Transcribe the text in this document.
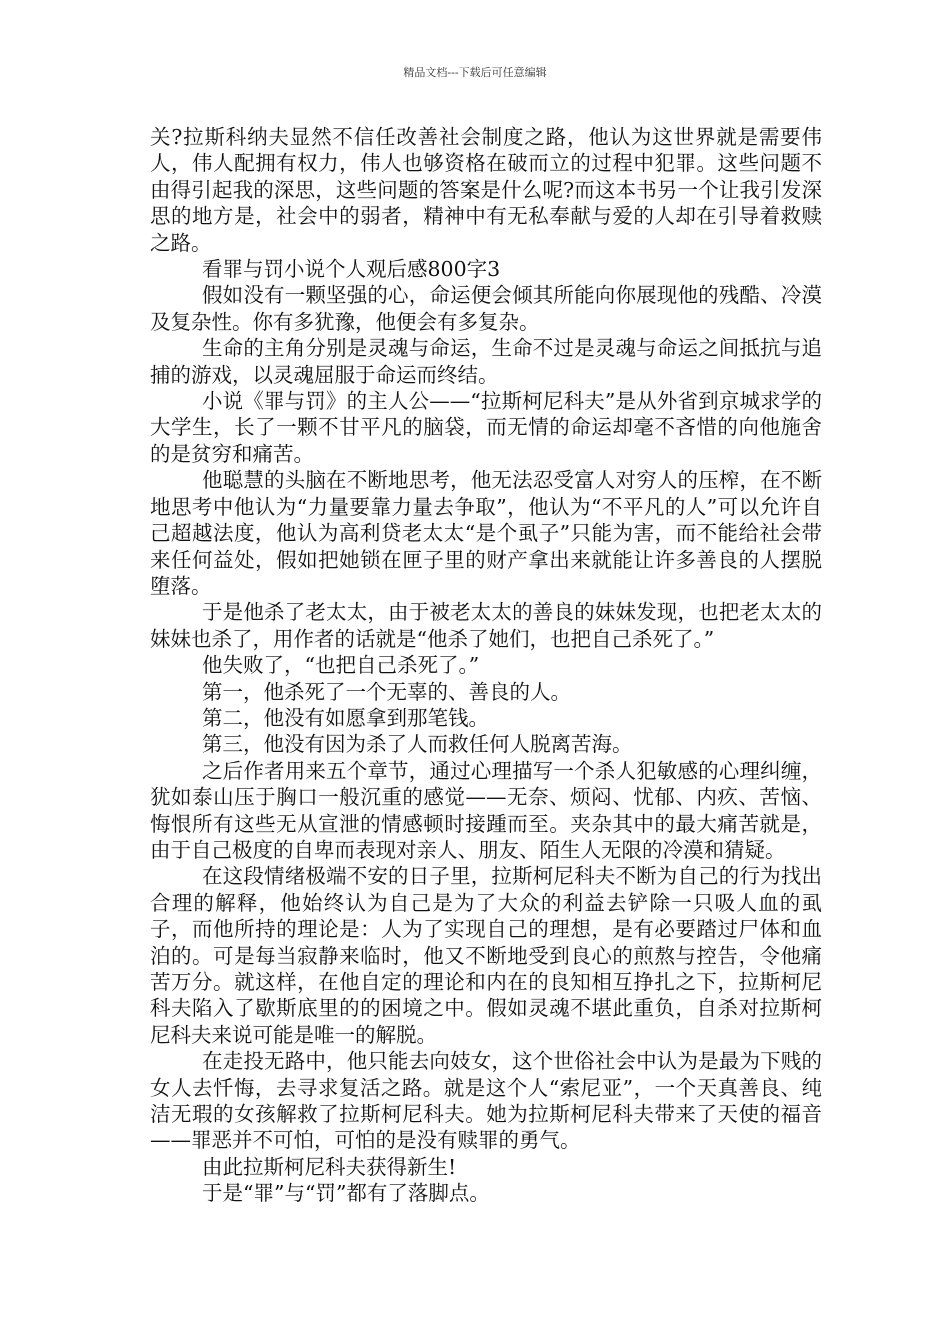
精品文档---下载后可任意编辑

关?拉斯科纳夫显然不信任改善社会制度之路，他认为这世界就是需要伟人，伟人配拥有权力，伟人也够资格在破而立的过程中犯罪。这些问题不由得引起我的深思，这些问题的答案是什么呢?而这本书另一个让我引发深思的地方是，社会中的弱者，精神中有无私奉献与爱的人却在引导着救赎之路。

看罪与罚小说个人观后感800字3

假如没有一颗坚强的心，命运便会倾其所能向你展现他的残酷、冷漠及复杂性。你有多犹豫，他便会有多复杂。

生命的主角分别是灵魂与命运，生命不过是灵魂与命运之间抵抗与追捕的游戏，以灵魂屈服于命运而终结。

小说《罪与罚》的主人公——“拉斯柯尼科夫”是从外省到京城求学的大学生，长了一颗不甘平凡的脑袋，而无情的命运却毫不吝惜的向他施舍的是贫穷和痛苦。

他聪慧的头脑在不断地思考，他无法忍受富人对穷人的压榨，在不断地思考中他认为“力量要靠力量去争取”，他认为“不平凡的人”可以允许自己超越法度，他认为高利贷老太太“是个虱子”只能为害，而不能给社会带来任何益处，假如把她锁在匣子里的财产拿出来就能让许多善良的人摆脱堕落。

于是他杀了老太太，由于被老太太的善良的妹妹发现，也把老太太的妹妹也杀了，用作者的话就是“他杀了她们，也把自己杀死了。”

他失败了，“也把自己杀死了。”

第一，他杀死了一个无辜的、善良的人。

第二，他没有如愿拿到那笔钱。

第三，他没有因为杀了人而救任何人脱离苦海。

之后作者用来五个章节，通过心理描写一个杀人犯敏感的心理纠缠，犹如泰山压于胸口一般沉重的感觉——无奈、烦闷、忧郁、内疚、苦恼、悔恨所有这些无从宣泄的情感顿时接踵而至。夹杂其中的最大痛苦就是，由于自己极度的自卑而表现对亲人、朋友、陌生人无限的冷漠和猜疑。

在这段情绪极端不安的日子里，拉斯柯尼科夫不断为自己的行为找出合理的解释，他始终认为自己是为了大众的利益去铲除一只吸人血的虱子，而他所持的理论是：人为了实现自己的理想，是有必要踏过尸体和血泊的。可是每当寂静来临时，他又不断地受到良心的煎熬与控告，令他痛苦万分。就这样，在他自定的理论和内在的良知相互挣扎之下，拉斯柯尼科夫陷入了歇斯底里的的困境之中。假如灵魂不堪此重负，自杀对拉斯柯尼科夫来说可能是唯一的解脱。

在走投无路中，他只能去向妓女，这个世俗社会中认为是最为下贱的女人去忏悔，去寻求复活之路。就是这个人“索尼亚”，一个天真善良、纯洁无瑕的女孩解救了拉斯柯尼科夫。她为拉斯柯尼科夫带来了天使的福音——罪恶并不可怕，可怕的是没有赎罪的勇气。

由此拉斯柯尼科夫获得新生!

于是“罪”与“罚”都有了落脚点。
